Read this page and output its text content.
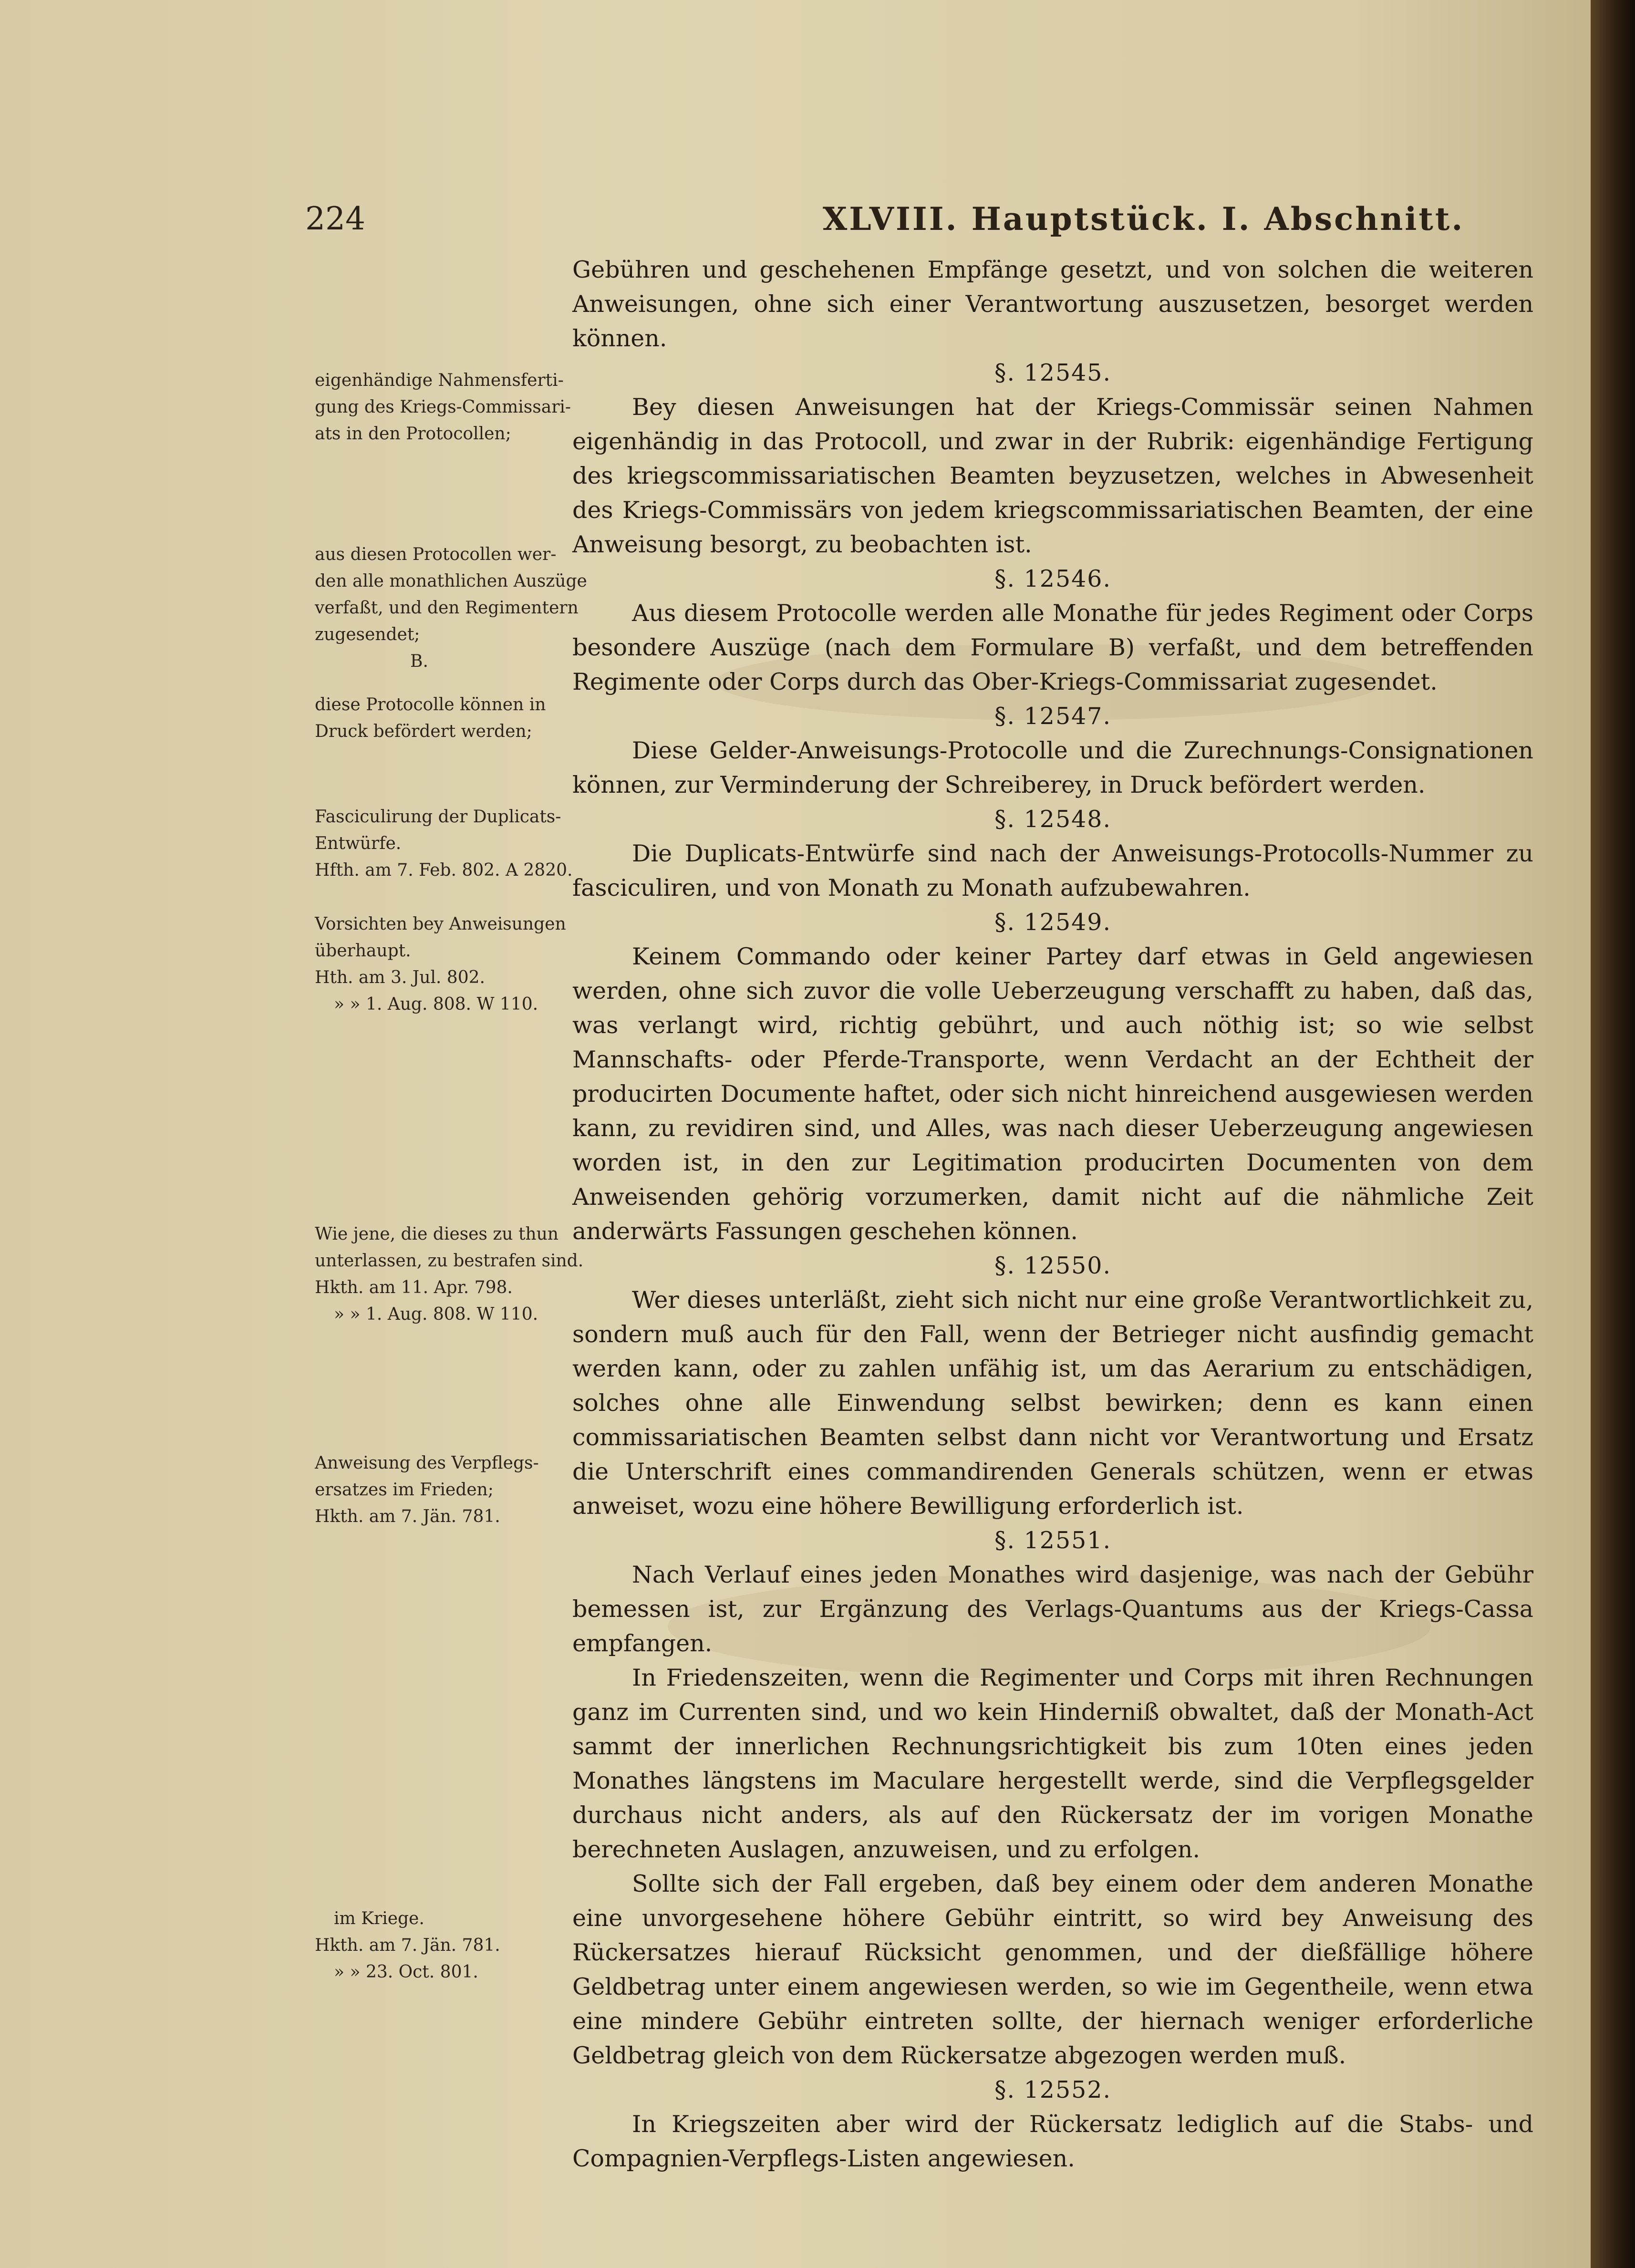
224	XLVIII. Hauptstück. I. Abschnitt.
eigenhändige Nahmensferti-
gung des Kriegs-Commissari-
ats in den Protocollen;
aus diesen Protocollen wer-
den alle monathlichen Auszüge
verfaßt, und den Regimentern
zugesendet;
B.
diese Protocolle können in
Druck befördert werden;
Fasciculirung der Duplicats-
Entwürfe.
Hfth. am 7. Feb. 802. A 2820.
Vorsichten bey Anweisungen
überhaupt.
Hth. am 3. Jul. 802.
» » 1. Aug. 808. W 110.
Wie jene, die dieses zu thun
unterlassen, zu bestrafen sind.
Hkth. am 11. Apr. 798.
» » 1. Aug. 808. W 110.
Anweisung des Verpflegs-
ersatzes im Frieden;
Hkth. am 7. Jän. 781.
im Kriege.
Hkth. am 7. Jän. 781.
» » 23. Oct. 801.

Gebühren und geschehenen Empfänge gesetzt, und von solchen die weiteren Anweisungen, ohne sich einer Verantwortung auszusetzen, besorget werden können.

§. 12545.

Bey diesen Anweisungen hat der Kriegs-Commissär seinen Nahmen eigenhändig in das Protocoll, und zwar in der Rubrik: eigenhändige Fertigung des kriegscommissariatischen Beamten beyzusetzen, welches in Abwesenheit des Kriegs-Commissärs von jedem kriegscommissariatischen Beamten, der eine Anweisung besorgt, zu beobachten ist.

§. 12546.

Aus diesem Protocolle werden alle Monathe für jedes Regiment oder Corps besondere Auszüge (nach dem Formulare B) verfaßt, und dem betreffenden Regimente oder Corps durch das Ober-Kriegs-Commissariat zugesendet.

§. 12547.

Diese Gelder-Anweisungs-Protocolle und die Zurechnungs-Consignationen können, zur Verminderung der Schreiberey, in Druck befördert werden.

§. 12548.

Die Duplicats-Entwürfe sind nach der Anweisungs-Protocolls-Nummer zu fasciculiren, und von Monath zu Monath aufzubewahren.

§. 12549.

Keinem Commando oder keiner Partey darf etwas in Geld angewiesen werden, ohne sich zuvor die volle Ueberzeugung verschafft zu haben, daß das, was verlangt wird, richtig gebührt, und auch nöthig ist; so wie selbst Mannschafts- oder Pferde-Transporte, wenn Verdacht an der Echtheit der producirten Documente haftet, oder sich nicht hinreichend ausgewiesen werden kann, zu revidiren sind, und Alles, was nach dieser Ueberzeugung angewiesen worden ist, in den zur Legitimation producirten Documenten von dem Anweisenden gehörig vorzumerken, damit nicht auf die nähmliche Zeit anderwärts Fassungen geschehen können.

§. 12550.

Wer dieses unterläßt, zieht sich nicht nur eine große Verantwortlichkeit zu, sondern muß auch für den Fall, wenn der Betrieger nicht ausfindig gemacht werden kann, oder zu zahlen unfähig ist, um das Aerarium zu entschädigen, solches ohne alle Einwendung selbst bewirken; denn es kann einen commissariatischen Beamten selbst dann nicht vor Verantwortung und Ersatz die Unterschrift eines commandirenden Generals schützen, wenn er etwas anweiset, wozu eine höhere Bewilligung erforderlich ist.

§. 12551.

Nach Verlauf eines jeden Monathes wird dasjenige, was nach der Gebühr bemessen ist, zur Ergänzung des Verlags-Quantums aus der Kriegs-Cassa empfangen.

In Friedenszeiten, wenn die Regimenter und Corps mit ihren Rechnungen ganz im Currenten sind, und wo kein Hinderniß obwaltet, daß der Monath-Act sammt der innerlichen Rechnungsrichtigkeit bis zum 10ten eines jeden Monathes längstens im Maculare hergestellt werde, sind die Verpflegsgelder durchaus nicht anders, als auf den Rückersatz der im vorigen Monathe berechneten Auslagen, anzuweisen, und zu erfolgen.

Sollte sich der Fall ergeben, daß bey einem oder dem anderen Monathe eine unvorgesehene höhere Gebühr eintritt, so wird bey Anweisung des Rückersatzes hierauf Rücksicht genommen, und der dießfällige höhere Geldbetrag unter einem angewiesen werden, so wie im Gegentheile, wenn etwa eine mindere Gebühr eintreten sollte, der hiernach weniger erforderliche Geldbetrag gleich von dem Rückersatze abgezogen werden muß.

§. 12552.

In Kriegszeiten aber wird der Rückersatz lediglich auf die Stabs- und Compagnien-Verpflegs-Listen angewiesen.
